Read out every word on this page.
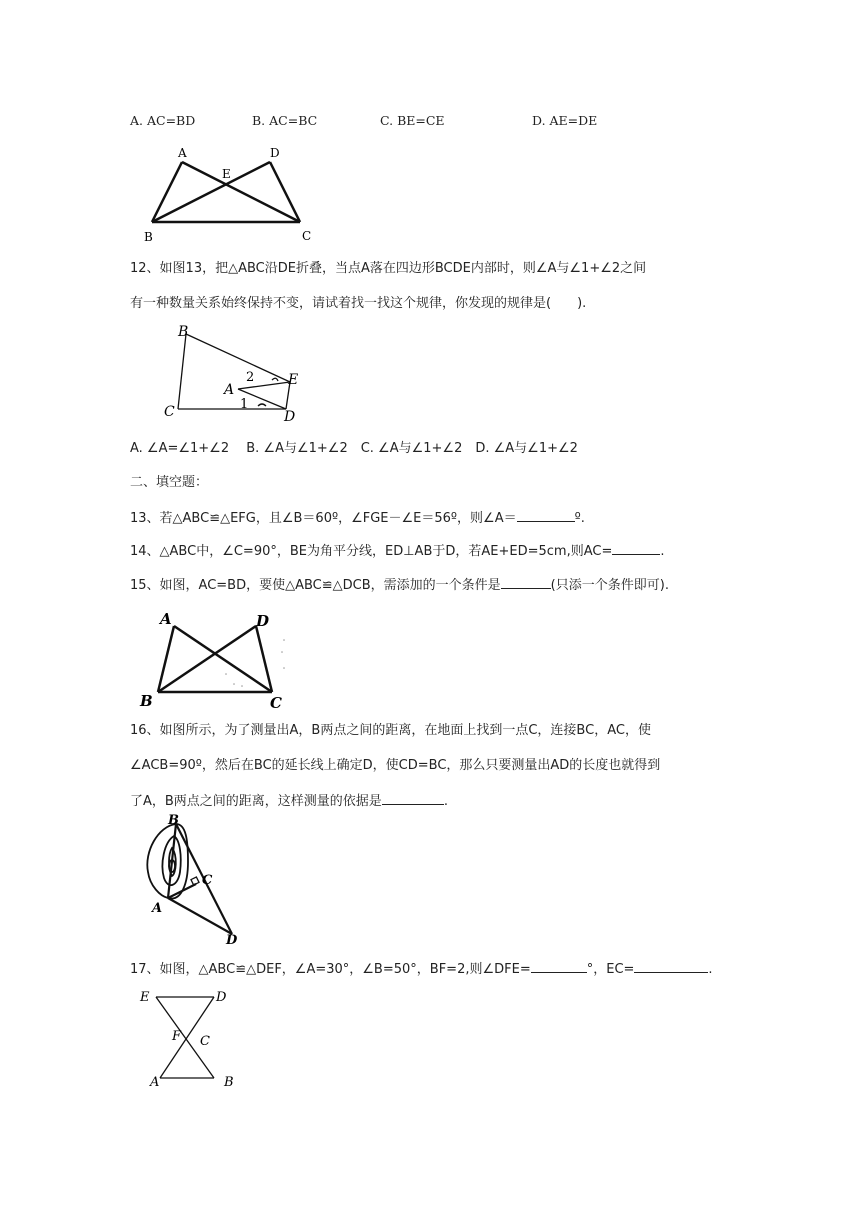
A. AC=BD	B. AC=BC	C. BE=CE	D. AE=DE
A	D
E
B	C
12、如图13，把△ABC沿DE折叠，当点A落在四边形BCDE内部时，则∠A与∠1+∠2之间
有一种数量关系始终保持不变，请试着找一找这个规律，你发现的规律是(　　).
B
E
A
C	D
1
2
A. ∠A=∠1+∠2　 B. ∠A与∠1+∠2　C. ∠A与∠1+∠2　D. ∠A与∠1+∠2
二、填空题：
13、若△ABC≌△EFG，且∠B＝60º，∠FGE－∠E＝56º，则∠A＝	º.
14、△ABC中，∠C=90°，BE为角平分线，ED⊥AB于D，若AE+ED=5cm,则AC=	.
15、如图，AC=BD，要使△ABC≌△DCB，需添加的一个条件是	(只添一个条件即可).
A	D
B	C
16、如图所示，为了测量出A，B两点之间的距离，在地面上找到一点C，连接BC，AC，使
∠ACB=90º，然后在BC的延长线上确定D，使CD=BC，那么只要测量出AD的长度也就得到
了A，B两点之间的距离，这样测量的依据是	.
B
C
A
D
17、如图，△ABC≌△DEF，∠A=30°，∠B=50°，BF=2,则∠DFE=	°，EC=	.
E	D
F C
A	B
